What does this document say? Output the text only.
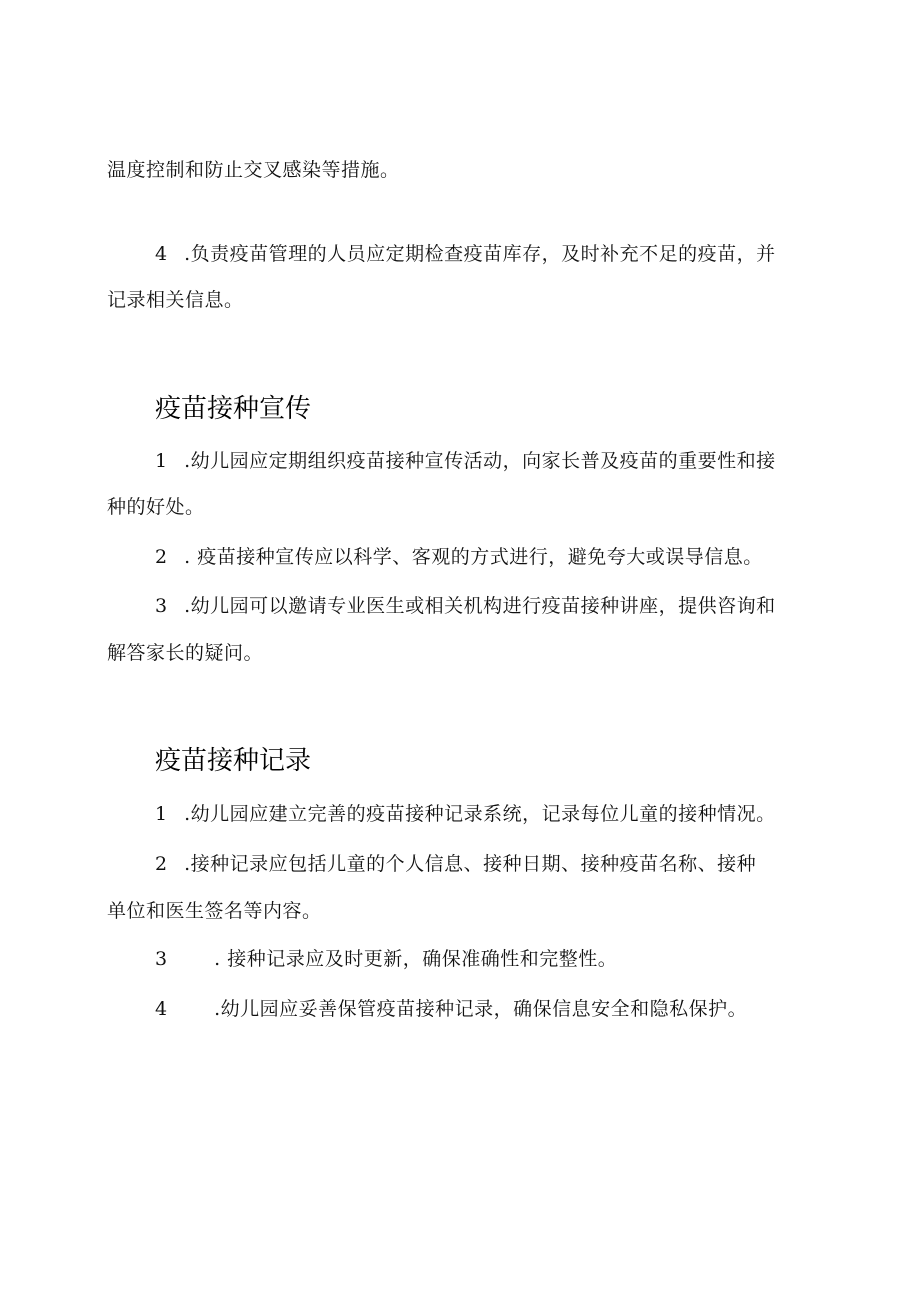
温度控制和防止交叉感染等措施。
4 .负责疫苗管理的人员应定期检查疫苗库存，及时补充不足的疫苗，并
记录相关信息。
疫苗接种宣传
1 .幼儿园应定期组织疫苗接种宣传活动，向家长普及疫苗的重要性和接
种的好处。
2 . 疫苗接种宣传应以科学、客观的方式进行，避免夸大或误导信息。
3 .幼儿园可以邀请专业医生或相关机构进行疫苗接种讲座，提供咨询和
解答家长的疑问。
疫苗接种记录
1 .幼儿园应建立完善的疫苗接种记录系统，记录每位儿童的接种情况。
2 .接种记录应包括儿童的个人信息、接种日期、接种疫苗名称、接种
单位和医生签名等内容。
3 . 接种记录应及时更新，确保准确性和完整性。
4 .幼儿园应妥善保管疫苗接种记录，确保信息安全和隐私保护。
